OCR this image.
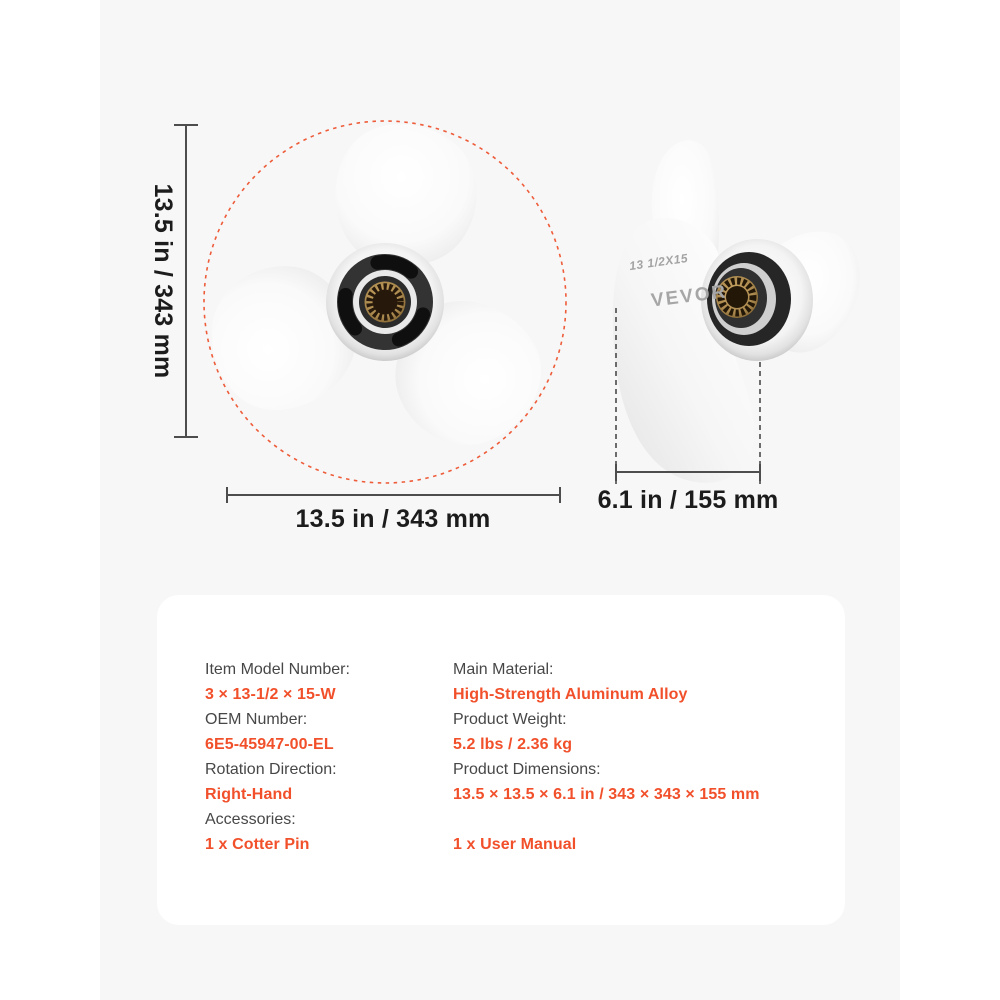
13.5 in / 343 mm
13.5 in / 343 mm
6.1 in / 155 mm
13 1/2X15
VEVOR
Item Model Number:
3 × 13-1/2 × 15-W
OEM Number:
6E5-45947-00-EL
Rotation Direction:
Right-Hand
Accessories:
1 x Cotter Pin
Main Material:
High-Strength Aluminum Alloy
Product Weight:
5.2 lbs / 2.36 kg
Product Dimensions:
13.5 × 13.5 × 6.1 in / 343 × 343 × 155 mm
1 x User Manual
